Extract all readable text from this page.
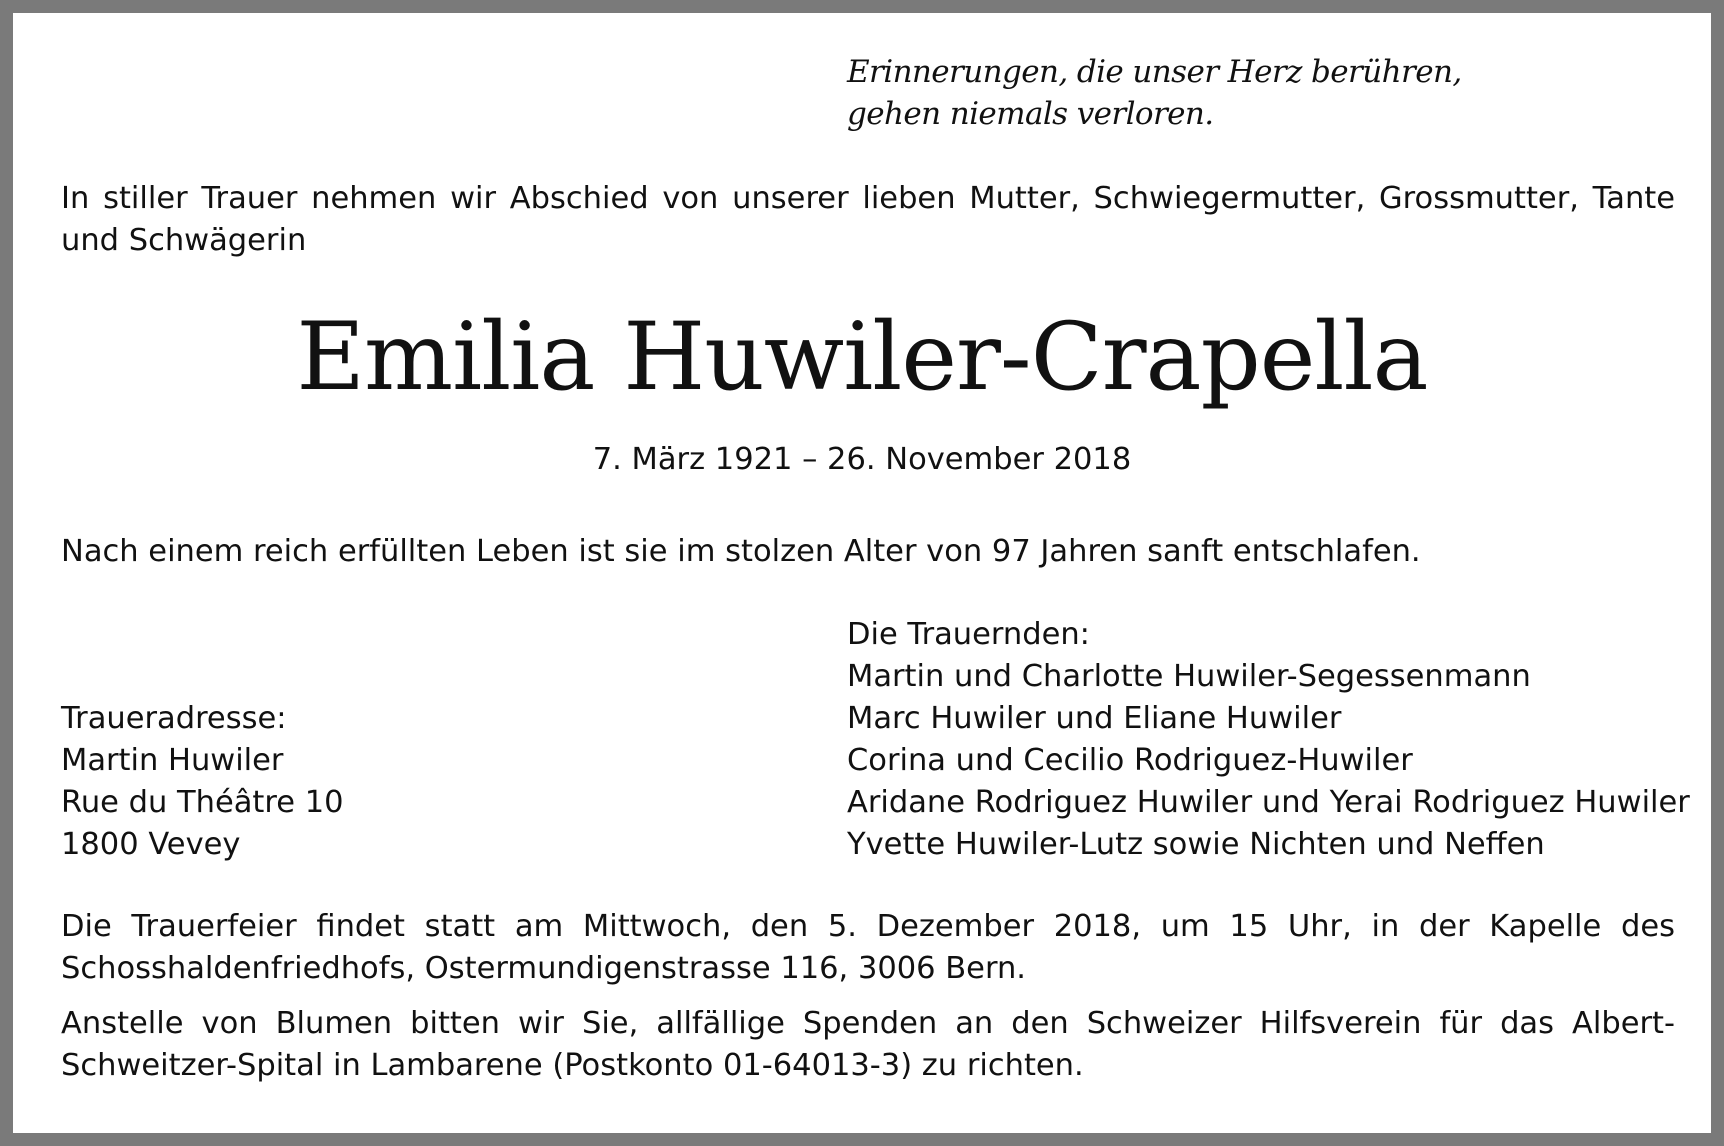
Erinnerungen, die unser Herz berühren,
gehen niemals verloren.
In stiller Trauer nehmen wir Abschied von unserer lieben Mutter, Schwiegermutter, Grossmutter, Tante und Schwägerin
Emilia Huwiler-Crapella
7. März 1921 – 26. November 2018
Nach einem reich erfüllten Leben ist sie im stolzen Alter von 97 Jahren sanft entschlafen.
Traueradresse:
Martin Huwiler
Rue du Théâtre 10
1800 Vevey
Die Trauernden:
Martin und Charlotte Huwiler-Segessenmann
Marc Huwiler und Eliane Huwiler
Corina und Cecilio Rodriguez-Huwiler
Aridane Rodriguez Huwiler und Yerai Rodriguez Huwiler
Yvette Huwiler-Lutz sowie Nichten und Neffen
Die Trauerfeier findet statt am Mittwoch, den 5. Dezember 2018, um 15 Uhr, in der Kapelle des Schosshaldenfriedhofs, Ostermundigenstrasse 116, 3006 Bern.
Anstelle von Blumen bitten wir Sie, allfällige Spenden an den Schweizer Hilfsverein für das Albert-Schweitzer-Spital in Lambarene (Postkonto 01-64013-3) zu richten.
